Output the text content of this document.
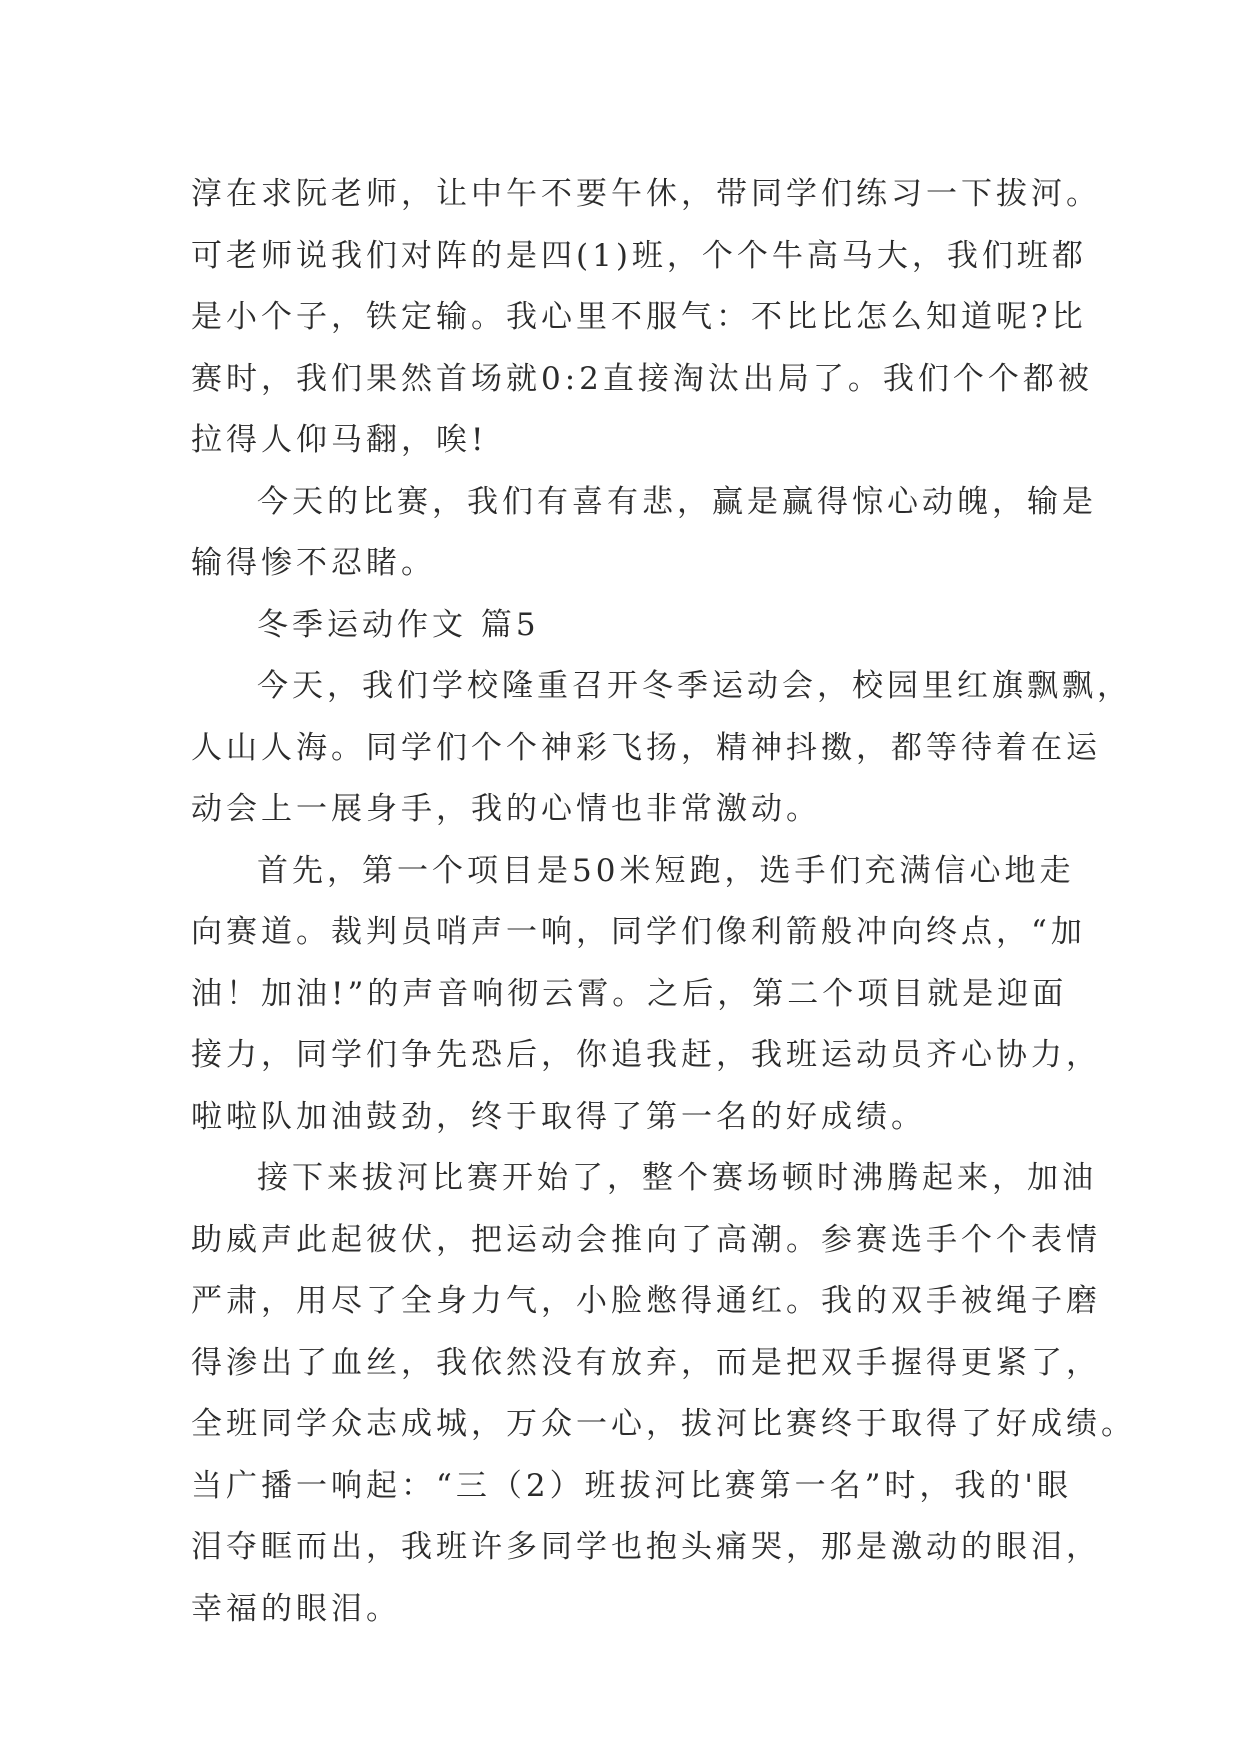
淳在求阮老师，让中午不要午休，带同学们练习一下拔河。
可老师说我们对阵的是四(1)班，个个牛高马大，我们班都
是小个子，铁定输。我心里不服气：不比比怎么知道呢?比
赛时，我们果然首场就0:2直接淘汰出局了。我们个个都被
拉得人仰马翻，唉!
今天的比赛，我们有喜有悲，赢是赢得惊心动魄，输是
输得惨不忍睹。
冬季运动作文 篇5
今天，我们学校隆重召开冬季运动会，校园里红旗飘飘，
人山人海。同学们个个神彩飞扬，精神抖擞，都等待着在运
动会上一展身手，我的心情也非常激动。
首先，第一个项目是50米短跑，选手们充满信心地走
向赛道。裁判员哨声一响，同学们像利箭般冲向终点，“加
油！加油!”的声音响彻云霄。之后，第二个项目就是迎面
接力，同学们争先恐后，你追我赶，我班运动员齐心协力，
啦啦队加油鼓劲，终于取得了第一名的好成绩。
接下来拔河比赛开始了，整个赛场顿时沸腾起来，加油
助威声此起彼伏，把运动会推向了高潮。参赛选手个个表情
严肃，用尽了全身力气，小脸憋得通红。我的双手被绳子磨
得渗出了血丝，我依然没有放弃，而是把双手握得更紧了，
全班同学众志成城，万众一心，拔河比赛终于取得了好成绩。
当广播一响起：“三（2）班拔河比赛第一名”时，我的'眼
泪夺眶而出，我班许多同学也抱头痛哭，那是激动的眼泪，
幸福的眼泪。
